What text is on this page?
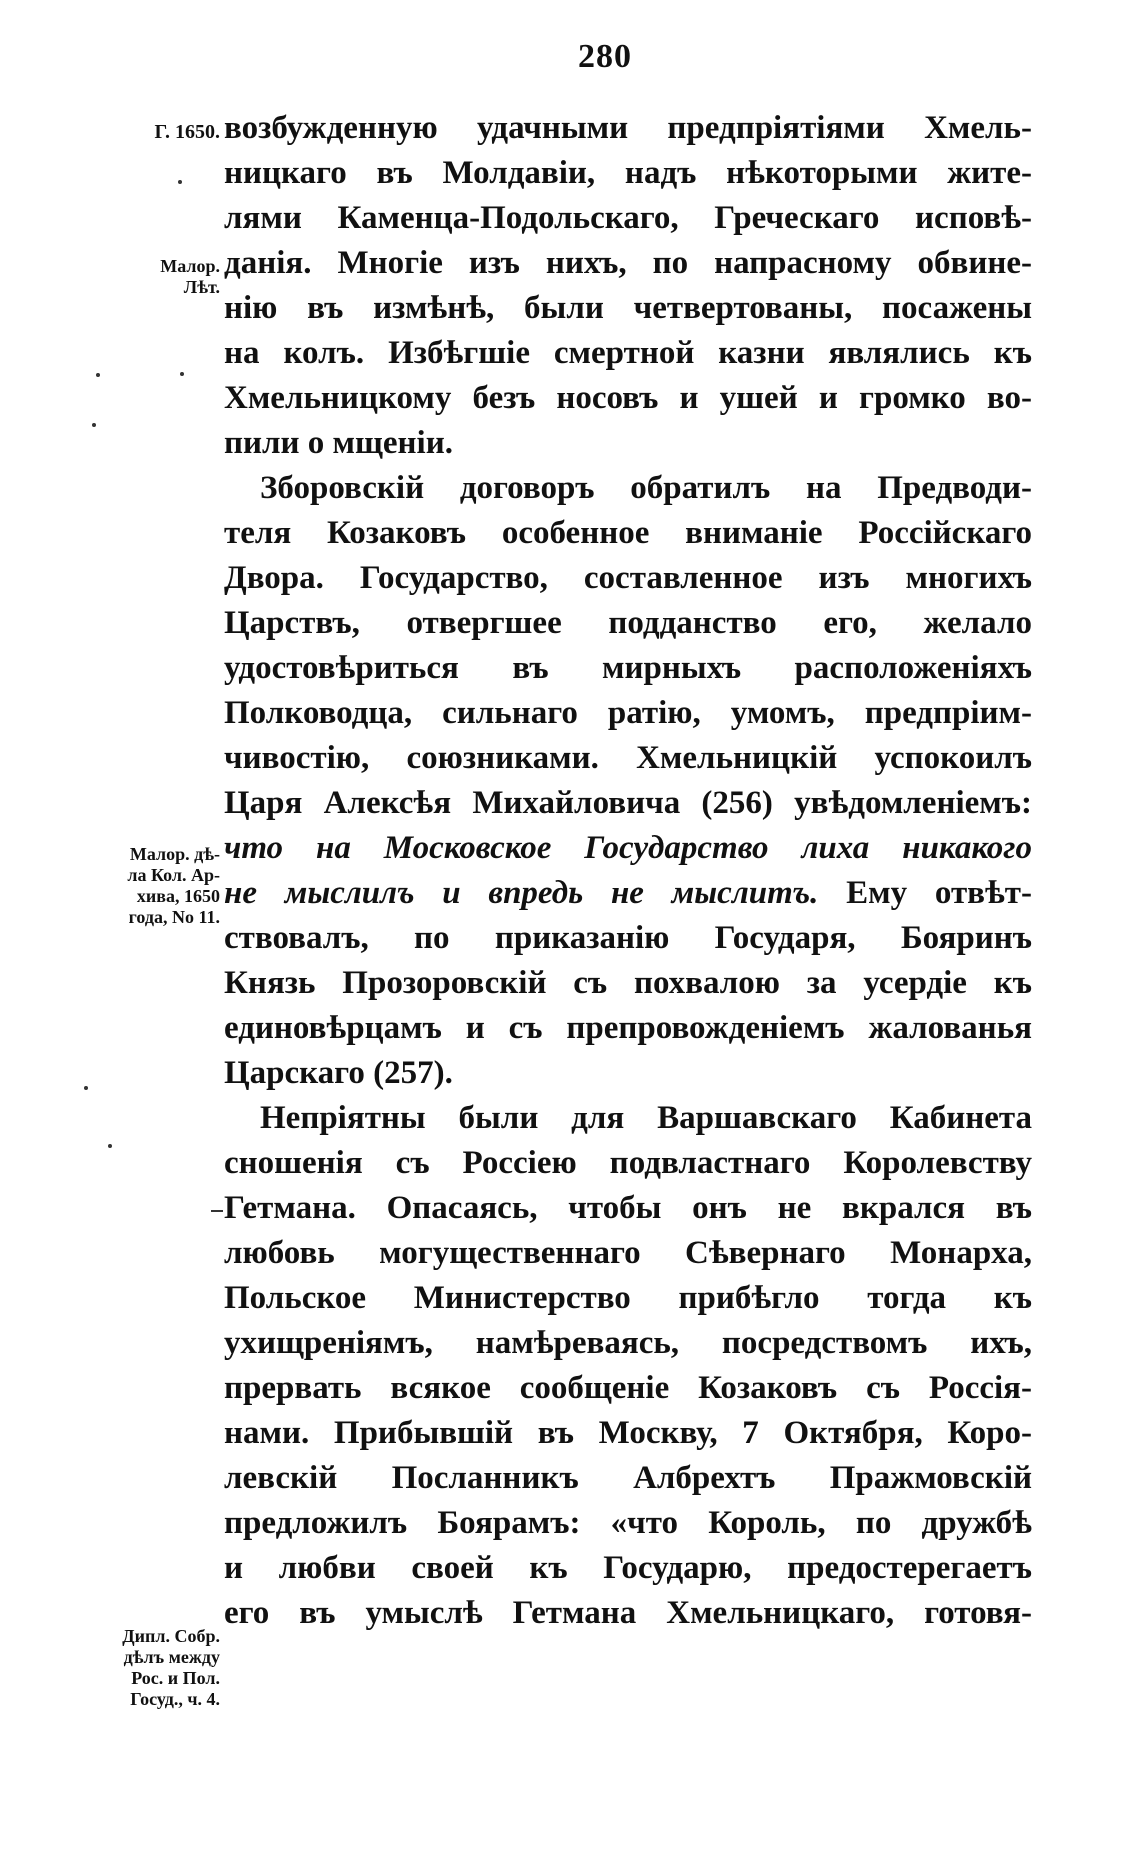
280
Г. 1650.
Малор.
Лѣт.
Малор. дѣ-
ла Кол. Ар-
хива, 1650
года, No 11.
Дипл. Собр.
дѣлъ между
Рос. и Пол.
Госуд., ч. 4.
возбужденную удачными предпріятіями Хмель-
ницкаго въ Молдавіи, надъ нѣкоторыми жите-
лями Каменца-Подольскаго, Греческаго исповѣ-
данія. Многіе изъ нихъ, по напрасному обвине-
нію въ измѣнѣ, были четвертованы, посажены
на колъ. Избѣгшіе смертной казни являлись къ
Хмельницкому безъ носовъ и ушей и громко во-
пили о мщеніи.
Зборовскій договоръ обратилъ на Предводи-
теля Козаковъ особенное вниманіе Россійскаго
Двора. Государство, составленное изъ многихъ
Царствъ, отвергшее подданство его, желало
удостовѣриться въ мирныхъ расположеніяхъ
Полководца, сильнаго ратію, умомъ, предпріим-
чивостію, союзниками. Хмельницкій успокоилъ
Царя Алексѣя Михайловича (256) увѣдомленіемъ:
что на Московское Государство лиха никакого
не мыслилъ и впредь не мыслитъ. Ему отвѣт-
ствовалъ, по приказанію Государя, Бояринъ
Князь Прозоровскій съ похвалою за усердіе къ
единовѣрцамъ и съ препровожденіемъ жалованья
Царскаго (257).
Непріятны были для Варшавскаго Кабинета
сношенія съ Россіею подвластнаго Королевству
Гетмана. Опасаясь, чтобы онъ не вкрался въ
любовь могущественнаго Сѣвернаго Монарха,
Польское Министерство прибѣгло тогда къ
ухищреніямъ, намѣреваясь, посредствомъ ихъ,
прервать всякое сообщеніе Козаковъ съ Россія-
нами. Прибывшій въ Москву, 7 Октября, Коро-
левскій Посланникъ Албрехтъ Пражмовскій
предложилъ Боярамъ: «что Король, по дружбѣ
и любви своей къ Государю, предостерегаетъ
его въ умыслѣ Гетмана Хмельницкаго, готовя-
